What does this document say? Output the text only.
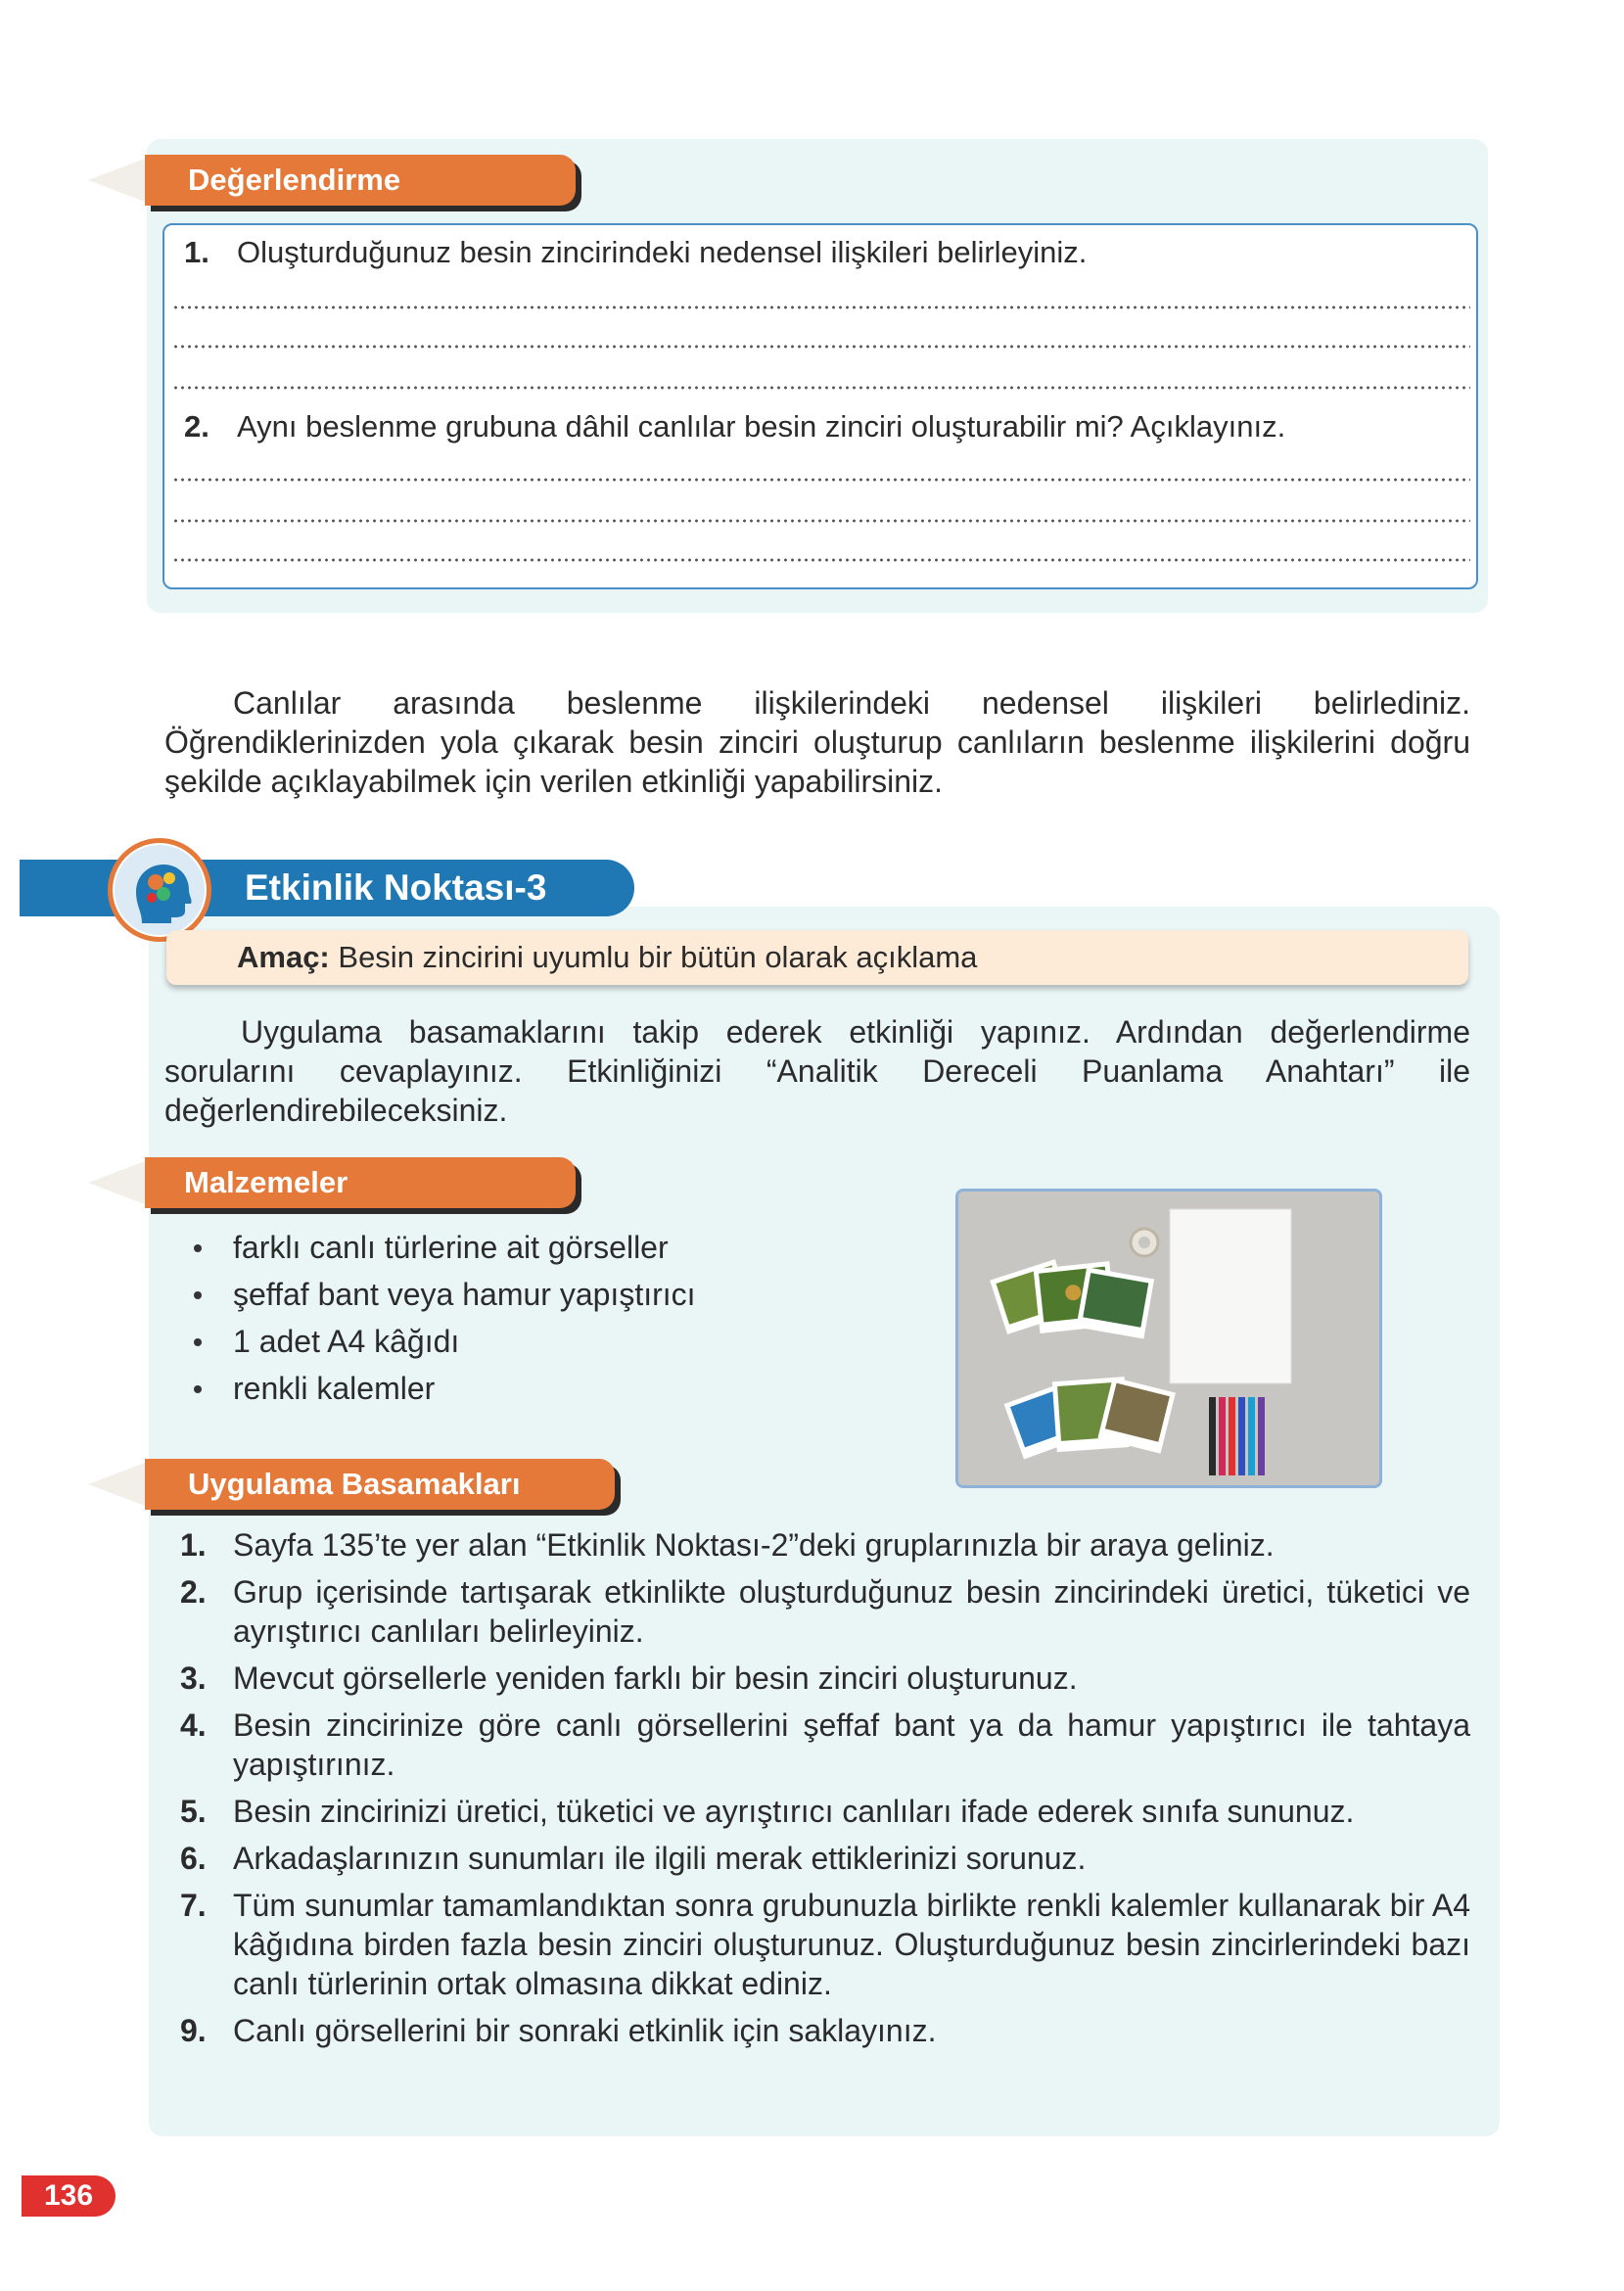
Değerlendirme
1. Oluşturduğunuz besin zincirindeki nedensel ilişkileri belirleyiniz.
2. Aynı beslenme grubuna dâhil canlılar besin zinciri oluşturabilir mi? Açıklayınız.
Canlılar arasında beslenme ilişkilerindeki nedensel ilişkileri belirlediniz. Öğrendiklerinizden yola çıkarak besin zinciri oluşturup canlıların beslenme ilişkilerini doğru şekilde açıklayabilmek için verilen etkinliği yapabilirsiniz.
Etkinlik Noktası-3
Amaç: Besin zincirini uyumlu bir bütün olarak açıklama
Uygulama basamaklarını takip ederek etkinliği yapınız. Ardından değerlendirme sorularını cevaplayınız. Etkinliğinizi “Analitik Dereceli Puanlama Anahtarı” ile değerlendirebileceksiniz.
Malzemeler
farklı canlı türlerine ait görseller
şeffaf bant veya hamur yapıştırıcı
1 adet A4 kâğıdı
renkli kalemler
Uygulama Basamakları
1. Sayfa 135’te yer alan “Etkinlik Noktası-2”deki gruplarınızla bir araya geliniz.
2. Grup içerisinde tartışarak etkinlikte oluşturduğunuz besin zincirindeki üretici, tüketici ve ayrıştırıcı canlıları belirleyiniz.
3. Mevcut görsellerle yeniden farklı bir besin zinciri oluşturunuz.
4. Besin zincirinize göre canlı görsellerini şeffaf bant ya da hamur yapıştırıcı ile tahtaya yapıştırınız.
5. Besin zincirinizi üretici, tüketici ve ayrıştırıcı canlıları ifade ederek sınıfa sununuz.
6. Arkadaşlarınızın sunumları ile ilgili merak ettiklerinizi sorunuz.
7. Tüm sunumlar tamamlandıktan sonra grubunuzla birlikte renkli kalemler kullanarak bir A4 kâğıdına birden fazla besin zinciri oluşturunuz. Oluşturduğunuz besin zincirlerindeki bazı canlı türlerinin ortak olmasına dikkat ediniz.
9. Canlı görsellerini bir sonraki etkinlik için saklayınız.
136
